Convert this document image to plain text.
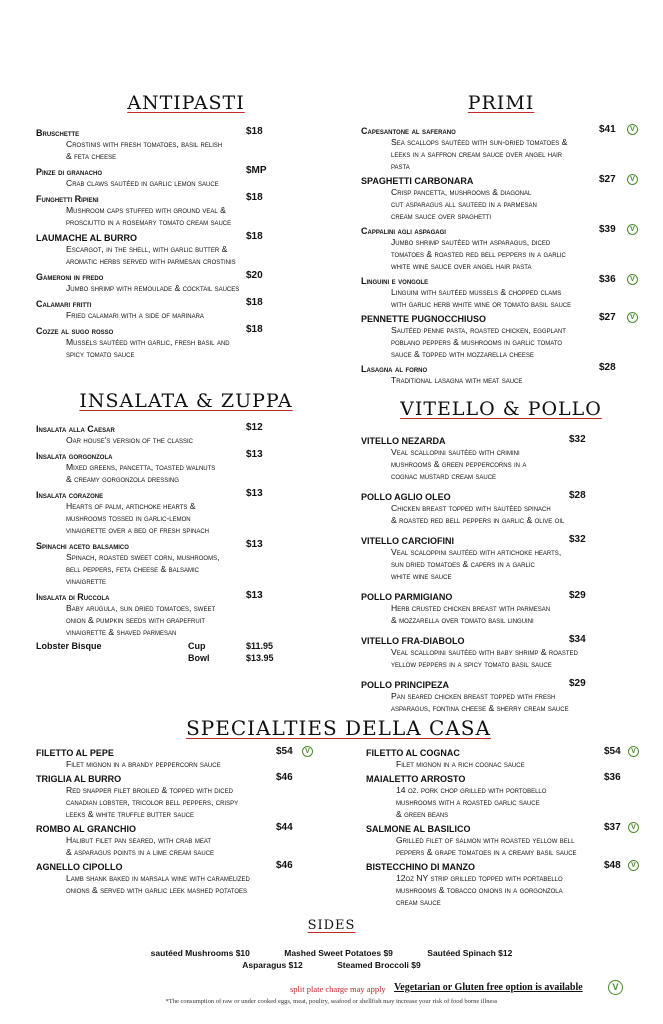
ANTIPASTI
Bruschette	$18
Crostinis with fresh tomatoes, basil relish
& feta cheese
Pinze di granacho	$MP
Crab claws sautéed in garlic lemon sauce
Funghetti Ripieni	$18
Mushroom caps stuffed with ground veal &
prosciutto in a rosemary tomato cream sauce
LAUMACHE AL BURRO	$18
Escargot, in the shell, with garlic butter &
aromatic herbs served with parmesan crostinis
Gameroni in fredo	$20
Jumbo shrimp with remoulade & cocktail sauces
Calamari fritti	$18
Fried calamari with a side of marinara
Cozze al sugo rosso	$18
Mussels sautéed with garlic, fresh basil and
spicy tomato sauce
PRIMI
Capesantone al saferano	$41	V
Sea scallops sautéed with sun-dried tomatoes &
leeks in a saffron cream sauce over angel hair
pasta
SPAGHETTI CARBONARA	$27	V
Crisp pancetta, mushrooms & diagonal
cut asparagus all sauteed in a parmesan
cream sauce over spaghetti
Cappalini agli aspagagi	$39	V
Jumbo shrimp sautéed with asparagus, diced
tomatoes & roasted red bell peppers in a garlic
white wine sauce over angel hair pasta
Linguini e vongole	$36	V
Linguini with sautéed mussels & chopped clams
with garlic herb white wine or tomato basil sauce
PENNETTE PUGNOCCHIUSO	$27	V
Sautéed penne pasta, roasted chicken, eggplant
poblano peppers & mushrooms in garlic tomato
sauce & topped with mozzarella cheese
Lasagna al forno	$28
Traditional lasagna with meat sauce
INSALATA & ZUPPA
Insalata alla Caesar	$12
Oar house's version of the classic
Insalata gorgonzola	$13
Mixed greens, pancetta, toasted walnuts
& creamy gorgonzola dressing
Insalata corazone	$13
Hearts of palm, artichoke hearts &
mushrooms tossed in garlic-lemon
vinaigrette over a bed of fresh spinach
Spinachi aceto balsamico	$13
Spinach, roasted sweet corn, mushrooms,
bell peppers, feta cheese & balsamic
vinaigrette
Insalata di Ruccola	$13
Baby arugula, sun dried tomatoes, sweet
onion & pumpkin seeds with grapefruit
vinaigrette & shaved parmesan
Lobster Bisque	Cup	$11.95
Bowl	$13.95
VITELLO & POLLO
VITELLO NEZARDA	$32
Veal scallopini sautéed with crimini
mushrooms & green peppercorns in a
cognac mustard cream sauce
POLLO AGLIO OLEO	$28
Chicken breast topped with sautéed spinach
& roasted red bell peppers in garlic & olive oil
VITELLO CARCIOFINI	$32
Veal scaloppini sautéed with artichoke hearts,
sun dried tomatoes & capers in a garlic
white wine sauce
POLLO PARMIGIANO	$29
Herb crusted chicken breast with parmesan
& mozzarella over tomato basil linguini
VITELLO FRA-DIABOLO	$34
Veal scallopini sautéed with baby shrimp & roasted
yellow peppers in a spicy tomato basil sauce
POLLO PRINCIPEZA	$29
Pan seared chicken breast topped with fresh
asparagus, fontina cheese & sherry cream sauce
SPECIALTIES DELLA CASA
FILETTO AL PEPE	$54	V
Filet mignon in a brandy peppercorn sauce
TRIGLIA AL BURRO	$46
Red snapper filet broiled & topped with diced
canadian lobster, tricolor bell peppers, crispy
leeks & white truffle butter sauce
ROMBO AL GRANCHIO	$44
Halibut filet pan seared, with crab meat
& asparagus points in a lime cream sauce
AGNELLO CIPOLLO	$46
Lamb shank baked in marsala wine with caramelized
onions & served with garlic leek mashed potatoes
FILETTO AL COGNAC	$54	V
Filet mignon in a rich cognac sauce
MAIALETTO ARROSTO	$36
14 oz. pork chop grilled with portobello
mushrooms with a roasted garlic sauce
& green beans
SALMONE AL BASILICO	$37	V
Grilled filet of salmon with roasted yellow bell
peppers & grape tomatoes in a creamy basil sauce
BISTECCHINO DI MANZO	$48	V
12oz NY strip grilled topped with portabello
mushrooms & tobacco onions in a gorgonzola
cream sauce
SIDES
sautéed Mushrooms $10	Mashed Sweet Potatoes $9	Sautéed Spinach $12
Asparagus $12	Steamed Broccoli $9
split plate charge may apply Vegetarian or Gluten free option is available	V
*The consumption of raw or under cooked eggs, meat, poultry, seafood or shellfish may increase your risk of food borne illness
